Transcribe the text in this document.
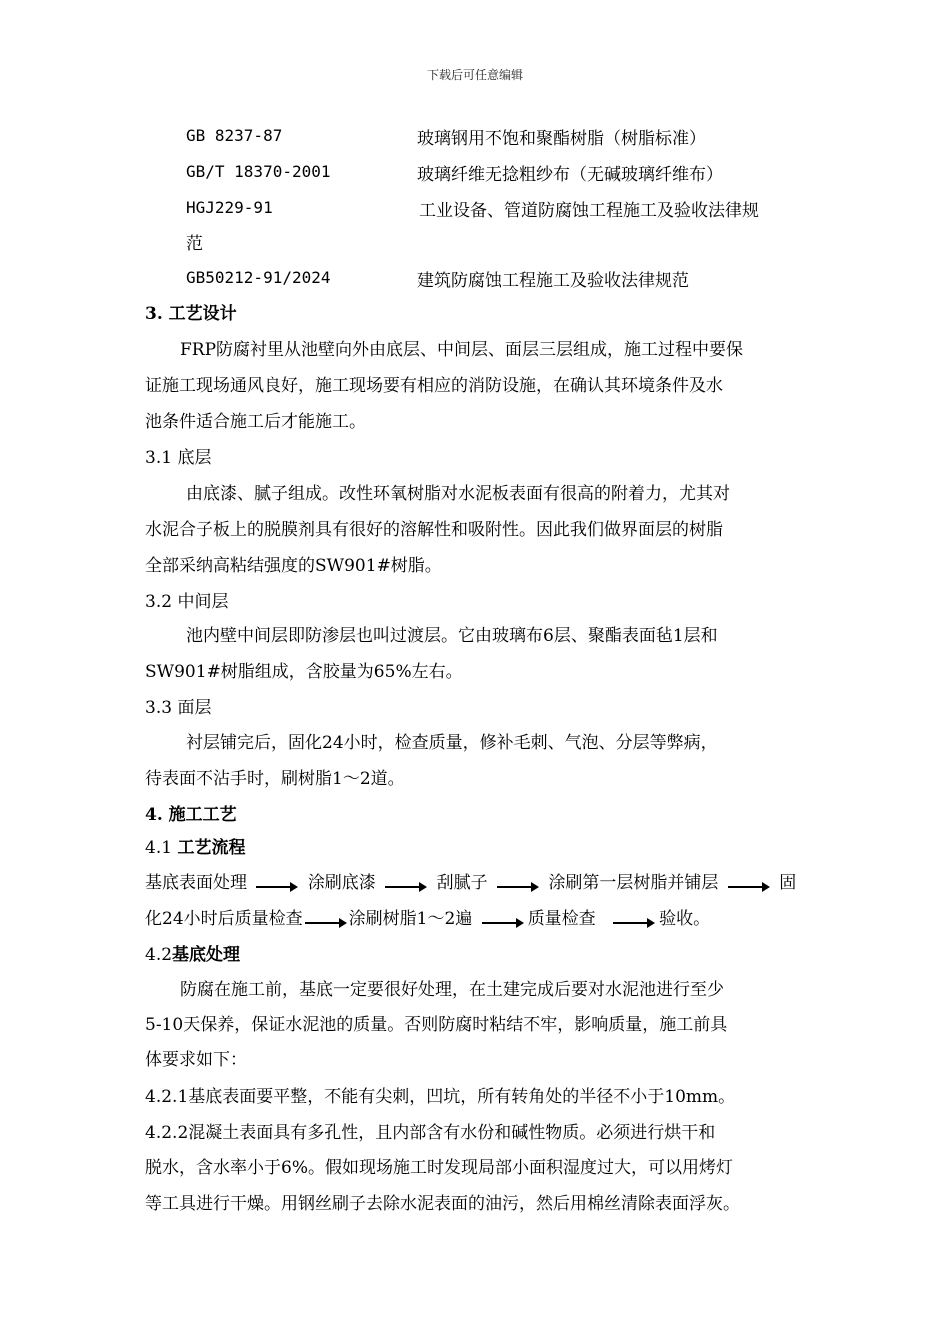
下载后可任意编辑
GB 8237-87	玻璃钢用不饱和聚酯树脂（树脂标准）
GB/T 18370-2001	玻璃纤维无捻粗纱布（无碱玻璃纤维布）
HGJ229-91	工业设备、管道防腐蚀工程施工及验收法律规
范
GB50212-91/2024	建筑防腐蚀工程施工及验收法律规范
3. 工艺设计
FRP防腐衬里从池壁向外由底层、中间层、面层三层组成，施工过程中要保
证施工现场通风良好，施工现场要有相应的消防设施，在确认其环境条件及水
池条件适合施工后才能施工。
3.1 底层
由底漆、腻子组成。改性环氧树脂对水泥板表面有很高的附着力，尤其对
水泥合子板上的脱膜剂具有很好的溶解性和吸附性。因此我们做界面层的树脂
全部采纳高粘结强度的SW901#树脂。
3.2 中间层
池内壁中间层即防渗层也叫过渡层。它由玻璃布6层、聚酯表面毡1层和
SW901#树脂组成，含胶量为65%左右。
3.3 面层
衬层铺完后，固化24小时，检查质量，修补毛刺、气泡、分层等弊病，
待表面不沾手时，刷树脂1～2道。
4. 施工工艺
4.1 工艺流程
基底表面处理	涂刷底漆	刮腻子	涂刷第一层树脂并铺层	固
化24小时后质量检查	涂刷树脂1～2遍	质量检查	验收。
4.2基底处理
防腐在施工前，基底一定要很好处理，在土建完成后要对水泥池进行至少
5-10天保养，保证水泥池的质量。否则防腐时粘结不牢，影响质量，施工前具
体要求如下：
4.2.1基底表面要平整，不能有尖刺，凹坑，所有转角处的半径不小于10mm。
4.2.2混凝土表面具有多孔性，且内部含有水份和碱性物质。必须进行烘干和
脱水，含水率小于6%。假如现场施工时发现局部小面积湿度过大，可以用烤灯
等工具进行干燥。用钢丝刷子去除水泥表面的油污，然后用棉丝清除表面浮灰。
